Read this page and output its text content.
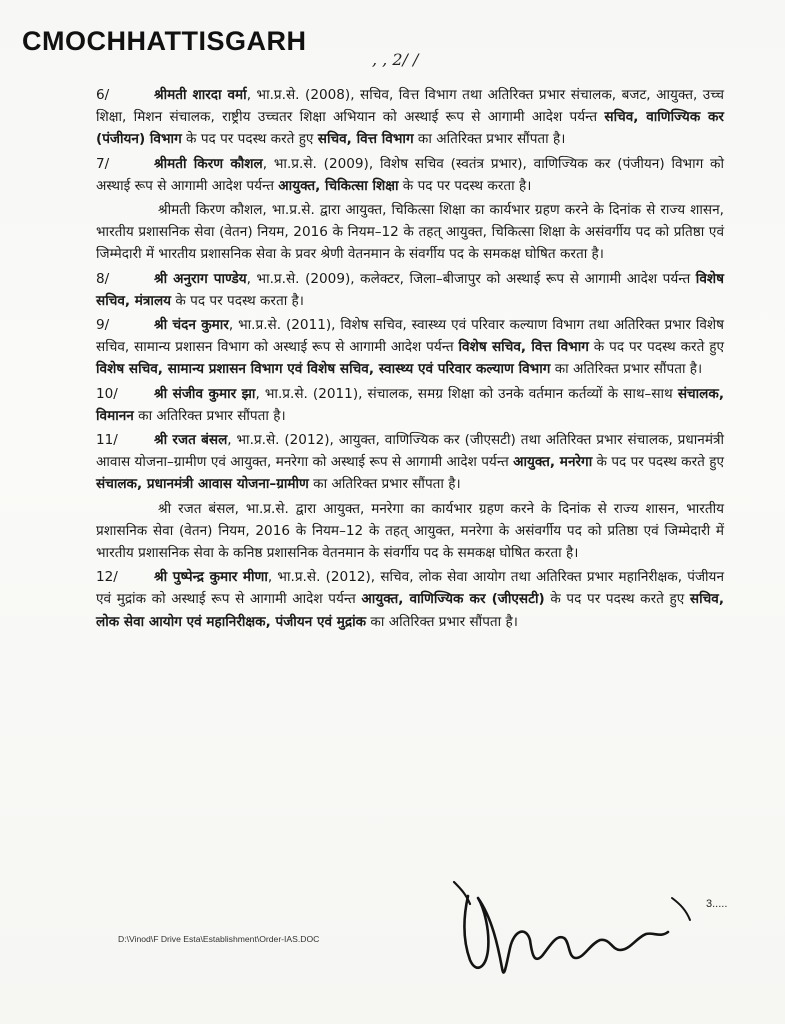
CMOCHHATTISGARH
, , 2/ /

6/	श्रीमती शारदा वर्मा, भा.प्र.से. (2008), सचिव, वित्त विभाग तथा अतिरिक्त प्रभार संचालक, बजट, आयुक्त, उच्च शिक्षा, मिशन संचालक, राष्ट्रीय उच्चतर शिक्षा अभियान को अस्थाई रूप से आगामी आदेश पर्यन्त सचिव, वाणिज्यिक कर (पंजीयन) विभाग के पद पर पदस्थ करते हुए सचिव, वित्त विभाग का अतिरिक्त प्रभार सौंपता है।

7/	श्रीमती किरण कौशल, भा.प्र.से. (2009), विशेष सचिव (स्वतंत्र प्रभार), वाणिज्यिक कर (पंजीयन) विभाग को अस्थाई रूप से आगामी आदेश पर्यन्त आयुक्त, चिकित्सा शिक्षा के पद पर पदस्थ करता है।

श्रीमती किरण कौशल, भा.प्र.से. द्वारा आयुक्त, चिकित्सा शिक्षा का कार्यभार ग्रहण करने के दिनांक से राज्य शासन, भारतीय प्रशासनिक सेवा (वेतन) नियम, 2016 के नियम–12 के तहत् आयुक्त, चिकित्सा शिक्षा के असंवर्गीय पद को प्रतिष्ठा एवं जिम्मेदारी में भारतीय प्रशासनिक सेवा के प्रवर श्रेणी वेतनमान के संवर्गीय पद के समकक्ष घोषित करता है।

8/	श्री अनुराग पाण्डेय, भा.प्र.से. (2009), कलेक्टर, जिला–बीजापुर को अस्थाई रूप से आगामी आदेश पर्यन्त विशेष सचिव, मंत्रालय के पद पर पदस्थ करता है।

9/	श्री चंदन कुमार, भा.प्र.से. (2011), विशेष सचिव, स्वास्थ्य एवं परिवार कल्याण विभाग तथा अतिरिक्त प्रभार विशेष सचिव, सामान्य प्रशासन विभाग को अस्थाई रूप से आगामी आदेश पर्यन्त विशेष सचिव, वित्त विभाग के पद पर पदस्थ करते हुए विशेष सचिव, सामान्य प्रशासन विभाग एवं विशेष सचिव, स्वास्थ्य एवं परिवार कल्याण विभाग का अतिरिक्त प्रभार सौंपता है।

10/	श्री संजीव कुमार झा, भा.प्र.से. (2011), संचालक, समग्र शिक्षा को उनके वर्तमान कर्तव्यों के साथ–साथ संचालक, विमानन का अतिरिक्त प्रभार सौंपता है।

11/	श्री रजत बंसल, भा.प्र.से. (2012), आयुक्त, वाणिज्यिक कर (जीएसटी) तथा अतिरिक्त प्रभार संचालक, प्रधानमंत्री आवास योजना–ग्रामीण एवं आयुक्त, मनरेगा को अस्थाई रूप से आगामी आदेश पर्यन्त आयुक्त, मनरेगा के पद पर पदस्थ करते हुए संचालक, प्रधानमंत्री आवास योजना–ग्रामीण का अतिरिक्त प्रभार सौंपता है।

श्री रजत बंसल, भा.प्र.से. द्वारा आयुक्त, मनरेगा का कार्यभार ग्रहण करने के दिनांक से राज्य शासन, भारतीय प्रशासनिक सेवा (वेतन) नियम, 2016 के नियम–12 के तहत् आयुक्त, मनरेगा के असंवर्गीय पद को प्रतिष्ठा एवं जिम्मेदारी में भारतीय प्रशासनिक सेवा के कनिष्ठ प्रशासनिक वेतनमान के संवर्गीय पद के समकक्ष घोषित करता है।

12/	श्री पुष्पेन्द्र कुमार मीणा, भा.प्र.से. (2012), सचिव, लोक सेवा आयोग तथा अतिरिक्त प्रभार महानिरीक्षक, पंजीयन एवं मुद्रांक को अस्थाई रूप से आगामी आदेश पर्यन्त आयुक्त, वाणिज्यिक कर (जीएसटी) के पद पर पदस्थ करते हुए सचिव, लोक सेवा आयोग एवं महानिरीक्षक, पंजीयन एवं मुद्रांक का अतिरिक्त प्रभार सौंपता है।

3.....
D:\Vinod\F Drive Esta\Establishment\Order-IAS.DOC
